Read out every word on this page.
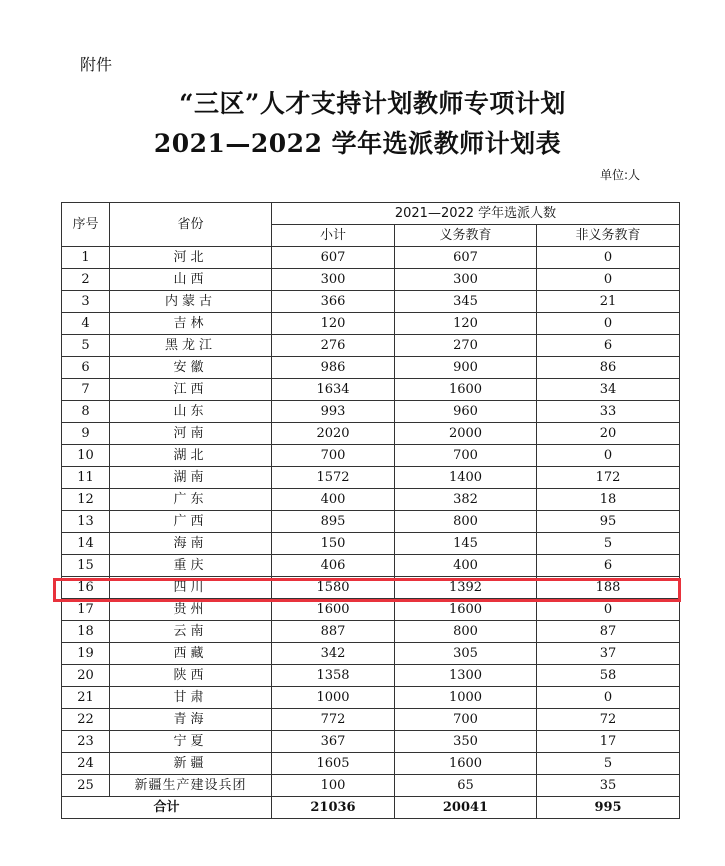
附件
“三区”人才支持计划教师专项计划
2021—2022 学年选派教师计划表
单位:人
序号	省份	2021—2022 学年选派人数		
		小计	义务教育	非义务教育
1	河北	607	607	0
2	山西	300	300	0
3	内蒙古	366	345	21
4	吉林	120	120	0
5	黑龙江	276	270	6
6	安徽	986	900	86
7	江西	1634	1600	34
8	山东	993	960	33
9	河南	2020	2000	20
10	湖北	700	700	0
11	湖南	1572	1400	172
12	广东	400	382	18
13	广西	895	800	95
14	海南	150	145	5
15	重庆	406	400	6
16	四川	1580	1392	188
17	贵州	1600	1600	0
18	云南	887	800	87
19	西藏	342	305	37
20	陕西	1358	1300	58
21	甘肃	1000	1000	0
22	青海	772	700	72
23	宁夏	367	350	17
24	新疆	1605	1600	5
25	新疆生产建设兵团	100	65	35
合计		21036	20041	995
